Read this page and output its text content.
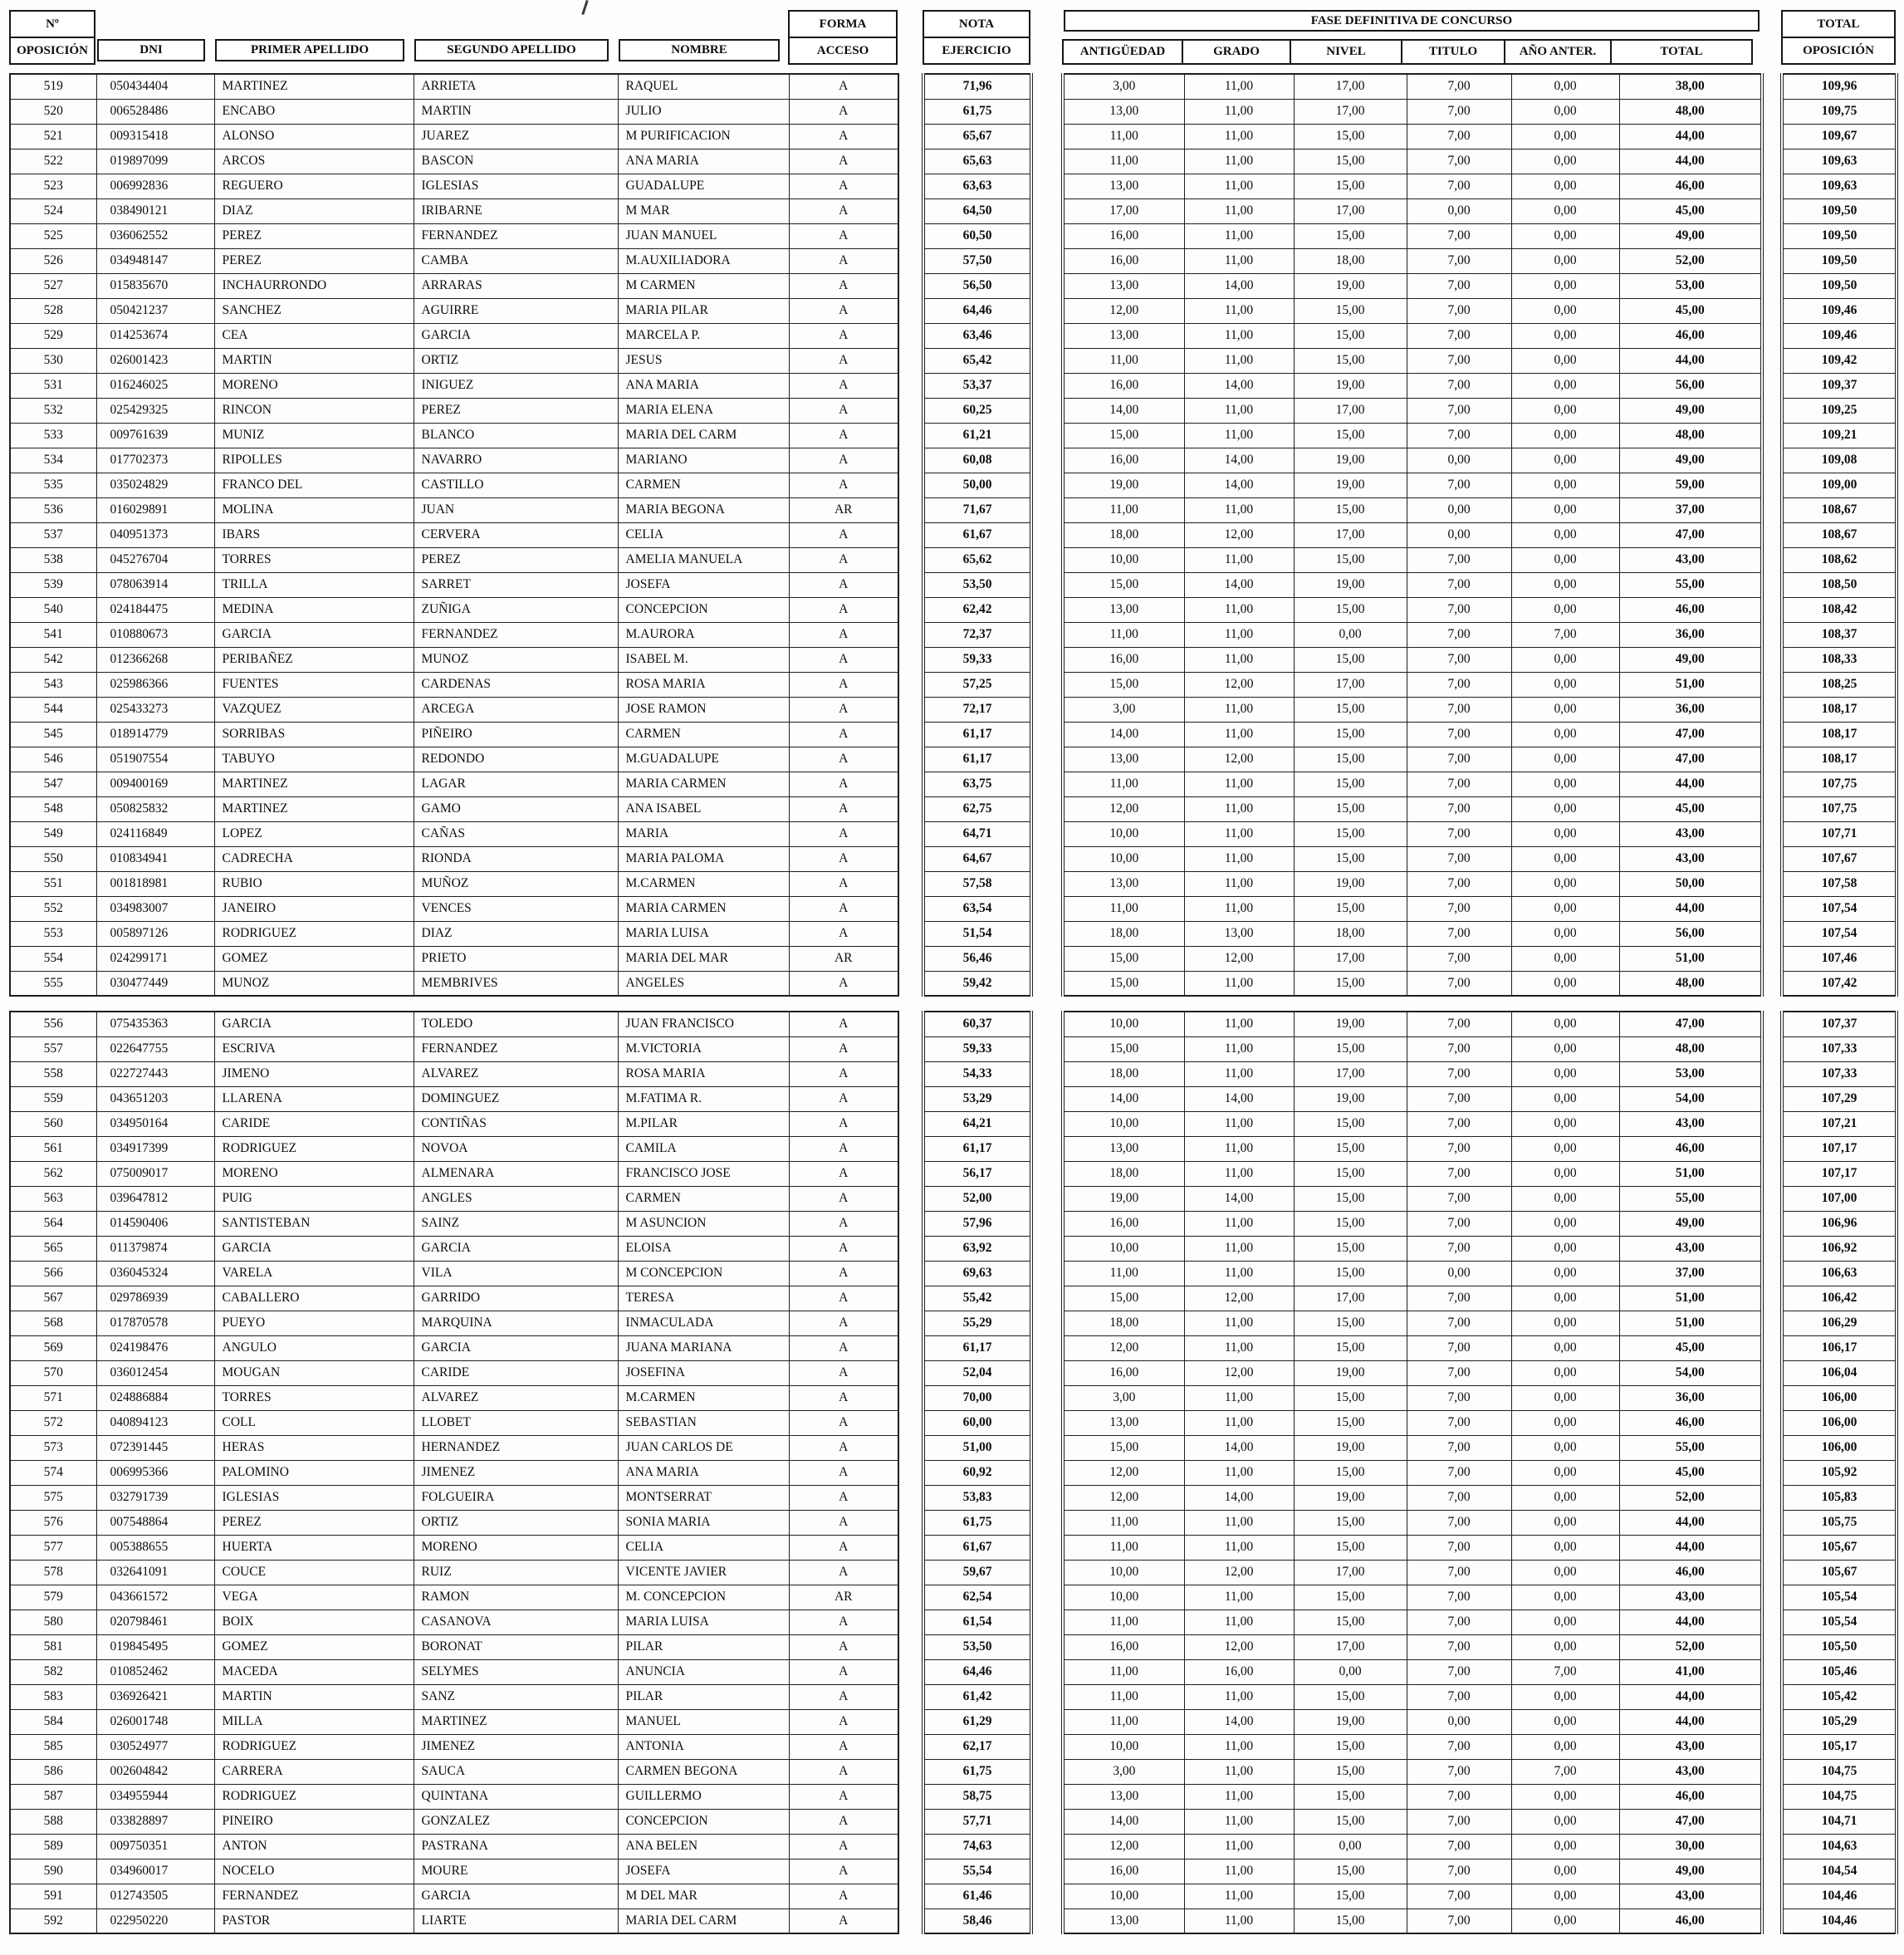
Nº
OPOSICIÓN	DNI	PRIMER APELLIDO	SEGUNDO APELLIDO	NOMBRE
FORMA
ACCESO
NOTA
EJERCICIO
FASE DEFINITIVA DE CONCURSO
ANTIGÜEDAD	GRADO	NIVEL	TITULO	AÑO ANTER.	TOTAL
TOTAL
OPOSICIÓN
519	050434404	MARTINEZ	ARRIETA	RAQUEL	A		71,96		3,00	11,00	17,00	7,00	0,00	38,00		109,96
520	006528486	ENCABO	MARTIN	JULIO	A		61,75		13,00	11,00	17,00	7,00	0,00	48,00		109,75
521	009315418	ALONSO	JUAREZ	M PURIFICACION	A		65,67		11,00	11,00	15,00	7,00	0,00	44,00		109,67
522	019897099	ARCOS	BASCON	ANA MARIA	A		65,63		11,00	11,00	15,00	7,00	0,00	44,00		109,63
523	006992836	REGUERO	IGLESIAS	GUADALUPE	A		63,63		13,00	11,00	15,00	7,00	0,00	46,00		109,63
524	038490121	DIAZ	IRIBARNE	M MAR	A		64,50		17,00	11,00	17,00	0,00	0,00	45,00		109,50
525	036062552	PEREZ	FERNANDEZ	JUAN MANUEL	A		60,50		16,00	11,00	15,00	7,00	0,00	49,00		109,50
526	034948147	PEREZ	CAMBA	M.AUXILIADORA	A		57,50		16,00	11,00	18,00	7,00	0,00	52,00		109,50
527	015835670	INCHAURRONDO	ARRARAS	M CARMEN	A		56,50		13,00	14,00	19,00	7,00	0,00	53,00		109,50
528	050421237	SANCHEZ	AGUIRRE	MARIA PILAR	A		64,46		12,00	11,00	15,00	7,00	0,00	45,00		109,46
529	014253674	CEA	GARCIA	MARCELA P.	A		63,46		13,00	11,00	15,00	7,00	0,00	46,00		109,46
530	026001423	MARTIN	ORTIZ	JESUS	A		65,42		11,00	11,00	15,00	7,00	0,00	44,00		109,42
531	016246025	MORENO	INIGUEZ	ANA MARIA	A		53,37		16,00	14,00	19,00	7,00	0,00	56,00		109,37
532	025429325	RINCON	PEREZ	MARIA ELENA	A		60,25		14,00	11,00	17,00	7,00	0,00	49,00		109,25
533	009761639	MUNIZ	BLANCO	MARIA DEL CARM	A		61,21		15,00	11,00	15,00	7,00	0,00	48,00		109,21
534	017702373	RIPOLLES	NAVARRO	MARIANO	A		60,08		16,00	14,00	19,00	0,00	0,00	49,00		109,08
535	035024829	FRANCO DEL	CASTILLO	CARMEN	A		50,00		19,00	14,00	19,00	7,00	0,00	59,00		109,00
536	016029891	MOLINA	JUAN	MARIA BEGONA	AR		71,67		11,00	11,00	15,00	0,00	0,00	37,00		108,67
537	040951373	IBARS	CERVERA	CELIA	A		61,67		18,00	12,00	17,00	0,00	0,00	47,00		108,67
538	045276704	TORRES	PEREZ	AMELIA MANUELA	A		65,62		10,00	11,00	15,00	7,00	0,00	43,00		108,62
539	078063914	TRILLA	SARRET	JOSEFA	A		53,50		15,00	14,00	19,00	7,00	0,00	55,00		108,50
540	024184475	MEDINA	ZUÑIGA	CONCEPCION	A		62,42		13,00	11,00	15,00	7,00	0,00	46,00		108,42
541	010880673	GARCIA	FERNANDEZ	M.AURORA	A		72,37		11,00	11,00	0,00	7,00	7,00	36,00		108,37
542	012366268	PERIBAÑEZ	MUNOZ	ISABEL M.	A		59,33		16,00	11,00	15,00	7,00	0,00	49,00		108,33
543	025986366	FUENTES	CARDENAS	ROSA MARIA	A		57,25		15,00	12,00	17,00	7,00	0,00	51,00		108,25
544	025433273	VAZQUEZ	ARCEGA	JOSE RAMON	A		72,17		3,00	11,00	15,00	7,00	0,00	36,00		108,17
545	018914779	SORRIBAS	PIÑEIRO	CARMEN	A		61,17		14,00	11,00	15,00	7,00	0,00	47,00		108,17
546	051907554	TABUYO	REDONDO	M.GUADALUPE	A		61,17		13,00	12,00	15,00	7,00	0,00	47,00		108,17
547	009400169	MARTINEZ	LAGAR	MARIA CARMEN	A		63,75		11,00	11,00	15,00	7,00	0,00	44,00		107,75
548	050825832	MARTINEZ	GAMO	ANA ISABEL	A		62,75		12,00	11,00	15,00	7,00	0,00	45,00		107,75
549	024116849	LOPEZ	CAÑAS	MARIA	A		64,71		10,00	11,00	15,00	7,00	0,00	43,00		107,71
550	010834941	CADRECHA	RIONDA	MARIA PALOMA	A		64,67		10,00	11,00	15,00	7,00	0,00	43,00		107,67
551	001818981	RUBIO	MUÑOZ	M.CARMEN	A		57,58		13,00	11,00	19,00	7,00	0,00	50,00		107,58
552	034983007	JANEIRO	VENCES	MARIA CARMEN	A		63,54		11,00	11,00	15,00	7,00	0,00	44,00		107,54
553	005897126	RODRIGUEZ	DIAZ	MARIA LUISA	A		51,54		18,00	13,00	18,00	7,00	0,00	56,00		107,54
554	024299171	GOMEZ	PRIETO	MARIA DEL MAR	AR		56,46		15,00	12,00	17,00	7,00	0,00	51,00		107,46
555	030477449	MUNOZ	MEMBRIVES	ANGELES	A		59,42		15,00	11,00	15,00	7,00	0,00	48,00		107,42
556	075435363	GARCIA	TOLEDO	JUAN FRANCISCO	A		60,37		10,00	11,00	19,00	7,00	0,00	47,00		107,37
557	022647755	ESCRIVA	FERNANDEZ	M.VICTORIA	A		59,33		15,00	11,00	15,00	7,00	0,00	48,00		107,33
558	022727443	JIMENO	ALVAREZ	ROSA MARIA	A		54,33		18,00	11,00	17,00	7,00	0,00	53,00		107,33
559	043651203	LLARENA	DOMINGUEZ	M.FATIMA R.	A		53,29		14,00	14,00	19,00	7,00	0,00	54,00		107,29
560	034950164	CARIDE	CONTIÑAS	M.PILAR	A		64,21		10,00	11,00	15,00	7,00	0,00	43,00		107,21
561	034917399	RODRIGUEZ	NOVOA	CAMILA	A		61,17		13,00	11,00	15,00	7,00	0,00	46,00		107,17
562	075009017	MORENO	ALMENARA	FRANCISCO JOSE	A		56,17		18,00	11,00	15,00	7,00	0,00	51,00		107,17
563	039647812	PUIG	ANGLES	CARMEN	A		52,00		19,00	14,00	15,00	7,00	0,00	55,00		107,00
564	014590406	SANTISTEBAN	SAINZ	M ASUNCION	A		57,96		16,00	11,00	15,00	7,00	0,00	49,00		106,96
565	011379874	GARCIA	GARCIA	ELOISA	A		63,92		10,00	11,00	15,00	7,00	0,00	43,00		106,92
566	036045324	VARELA	VILA	M CONCEPCION	A		69,63		11,00	11,00	15,00	0,00	0,00	37,00		106,63
567	029786939	CABALLERO	GARRIDO	TERESA	A		55,42		15,00	12,00	17,00	7,00	0,00	51,00		106,42
568	017870578	PUEYO	MARQUINA	INMACULADA	A		55,29		18,00	11,00	15,00	7,00	0,00	51,00		106,29
569	024198476	ANGULO	GARCIA	JUANA MARIANA	A		61,17		12,00	11,00	15,00	7,00	0,00	45,00		106,17
570	036012454	MOUGAN	CARIDE	JOSEFINA	A		52,04		16,00	12,00	19,00	7,00	0,00	54,00		106,04
571	024886884	TORRES	ALVAREZ	M.CARMEN	A		70,00		3,00	11,00	15,00	7,00	0,00	36,00		106,00
572	040894123	COLL	LLOBET	SEBASTIAN	A		60,00		13,00	11,00	15,00	7,00	0,00	46,00		106,00
573	072391445	HERAS	HERNANDEZ	JUAN CARLOS DE	A		51,00		15,00	14,00	19,00	7,00	0,00	55,00		106,00
574	006995366	PALOMINO	JIMENEZ	ANA MARIA	A		60,92		12,00	11,00	15,00	7,00	0,00	45,00		105,92
575	032791739	IGLESIAS	FOLGUEIRA	MONTSERRAT	A		53,83		12,00	14,00	19,00	7,00	0,00	52,00		105,83
576	007548864	PEREZ	ORTIZ	SONIA MARIA	A		61,75		11,00	11,00	15,00	7,00	0,00	44,00		105,75
577	005388655	HUERTA	MORENO	CELIA	A		61,67		11,00	11,00	15,00	7,00	0,00	44,00		105,67
578	032641091	COUCE	RUIZ	VICENTE JAVIER	A		59,67		10,00	12,00	17,00	7,00	0,00	46,00		105,67
579	043661572	VEGA	RAMON	M. CONCEPCION	AR		62,54		10,00	11,00	15,00	7,00	0,00	43,00		105,54
580	020798461	BOIX	CASANOVA	MARIA LUISA	A		61,54		11,00	11,00	15,00	7,00	0,00	44,00		105,54
581	019845495	GOMEZ	BORONAT	PILAR	A		53,50		16,00	12,00	17,00	7,00	0,00	52,00		105,50
582	010852462	MACEDA	SELYMES	ANUNCIA	A		64,46		11,00	16,00	0,00	7,00	7,00	41,00		105,46
583	036926421	MARTIN	SANZ	PILAR	A		61,42		11,00	11,00	15,00	7,00	0,00	44,00		105,42
584	026001748	MILLA	MARTINEZ	MANUEL	A		61,29		11,00	14,00	19,00	0,00	0,00	44,00		105,29
585	030524977	RODRIGUEZ	JIMENEZ	ANTONIA	A		62,17		10,00	11,00	15,00	7,00	0,00	43,00		105,17
586	002604842	CARRERA	SAUCA	CARMEN BEGONA	A		61,75		3,00	11,00	15,00	7,00	7,00	43,00		104,75
587	034955944	RODRIGUEZ	QUINTANA	GUILLERMO	A		58,75		13,00	11,00	15,00	7,00	0,00	46,00		104,75
588	033828897	PINEIRO	GONZALEZ	CONCEPCION	A		57,71		14,00	11,00	15,00	7,00	0,00	47,00		104,71
589	009750351	ANTON	PASTRANA	ANA BELEN	A		74,63		12,00	11,00	0,00	7,00	0,00	30,00		104,63
590	034960017	NOCELO	MOURE	JOSEFA	A		55,54		16,00	11,00	15,00	7,00	0,00	49,00		104,54
591	012743505	FERNANDEZ	GARCIA	M DEL MAR	A		61,46		10,00	11,00	15,00	7,00	0,00	43,00		104,46
592	022950220	PASTOR	LIARTE	MARIA DEL CARM	A		58,46		13,00	11,00	15,00	7,00	0,00	46,00		104,46
